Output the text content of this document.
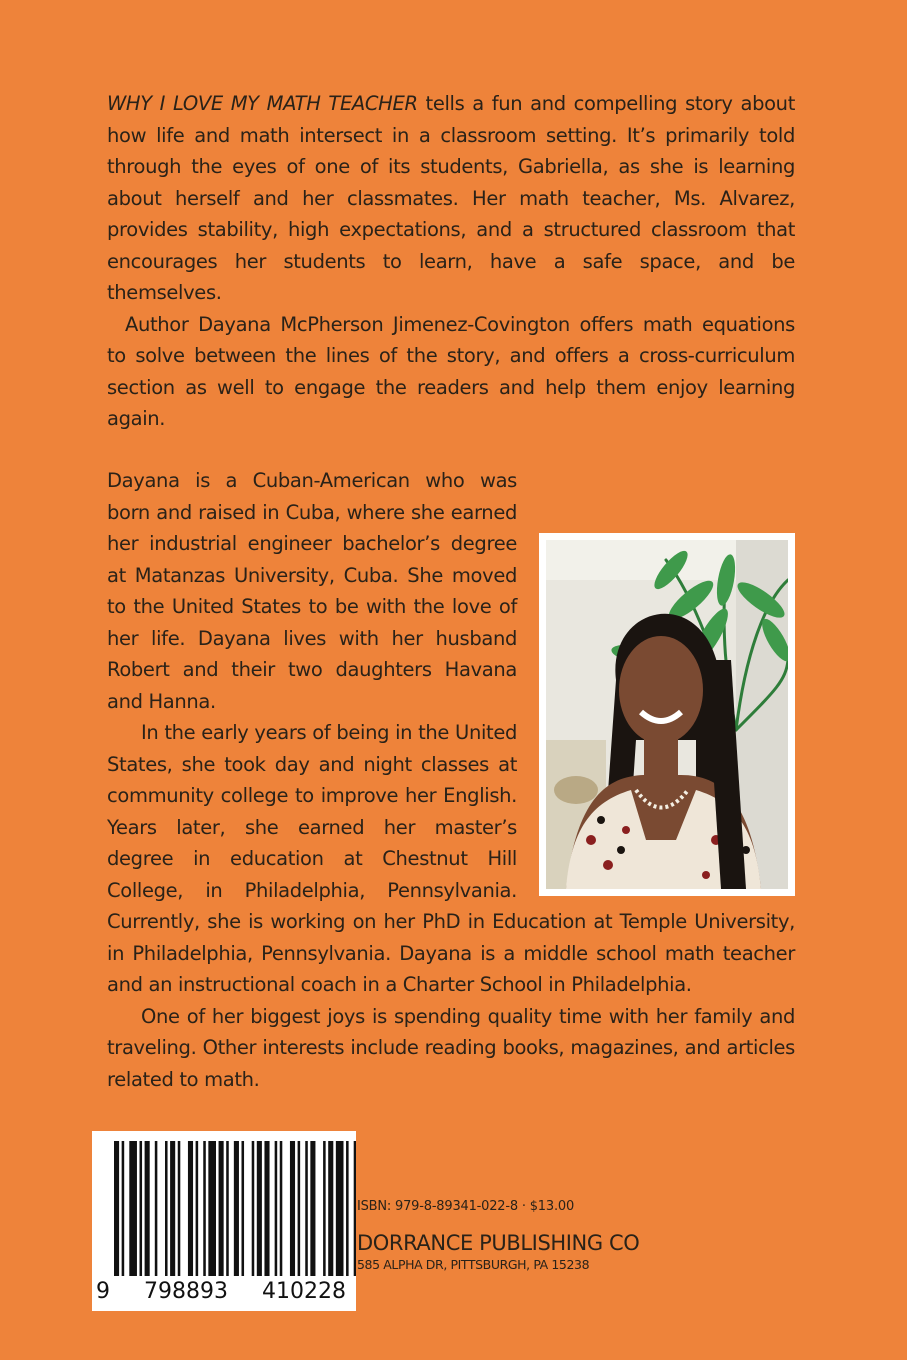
WHY I LOVE MY MATH TEACHER tells a fun and compelling story about how life and math intersect in a classroom setting. It’s primarily told through the eyes of one of its students, Gabriella, as she is learning about herself and her classmates. Her math teacher, Ms. Alvarez, provides stability, high expectations, and a structured classroom that encourages her students to learn, have a safe space, and be themselves.

Author Dayana McPherson Jimenez-Covington offers math equations to solve between the lines of the story, and offers a cross-curriculum section as well to engage the readers and help them enjoy learning again.

Dayana is a Cuban-American who was born and raised in Cuba, where she earned her industrial engineer bachelor’s degree at Matanzas University, Cuba. She moved to the United States to be with the love of her life. Dayana lives with her husband Robert and their two daughters Havana and Hanna.

In the early years of being in the United States, she took day and night classes at community college to improve her English. Years later, she earned her master’s degree in education at Chestnut Hill College, in Philadelphia, Pennsylvania. Currently, she is working on her PhD in Education at Temple University, in Philadelphia, Pennsylvania. Dayana is a middle school math teacher and an instructional coach in a Charter School in Philadelphia.

One of her biggest joys is spending quality time with her family and traveling. Other interests include reading books, magazines, and articles related to math.

9 798893 410228
ISBN: 979-8-89341-022-8 · $13.00
DORRANCE PUBLISHING CO
585 ALPHA DR, PITTSBURGH, PA 15238
